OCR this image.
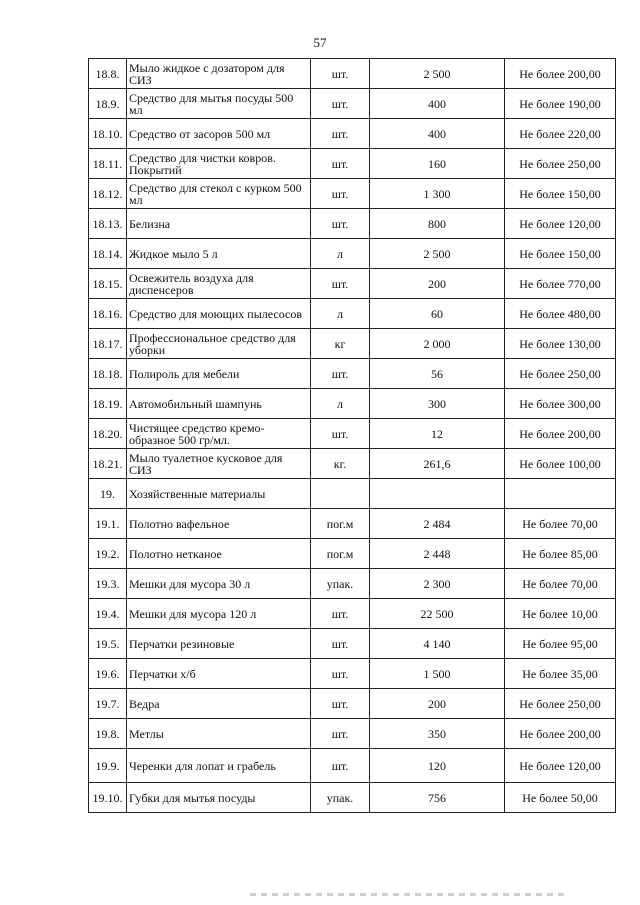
57
18.8.	Мыло жидкое с дозатором для СИЗ	шт.	2 500	Не более 200,00
18.9.	Средство для мытья посуды 500 мл	шт.	400	Не более 190,00
18.10.	Средство от засоров 500 мл	шт.	400	Не более 220,00
18.11.	Средство для чистки ковров. Покрытий	шт.	160	Не более 250,00
18.12.	Средство для стекол с курком 500 мл	шт.	1 300	Не более 150,00
18.13.	Белизна	шт.	800	Не более 120,00
18.14.	Жидкое мыло 5 л	л	2 500	Не более 150,00
18.15.	Освежитель воздуха для диспенсеров	шт.	200	Не более 770,00
18.16.	Средство для моющих пылесосов	л	60	Не более 480,00
18.17.	Профессиональное средство для уборки	кг	2 000	Не более 130,00
18.18.	Полироль для мебели	шт.	56	Не более 250,00
18.19.	Автомобильный шампунь	л	300	Не более 300,00
18.20.	Чистящее средство кремо-образное 500 гр/мл.	шт.	12	Не более 200,00
18.21.	Мыло туалетное кусковое для СИЗ	кг.	261,6	Не более 100,00
19.	Хозяйственные материалы			
19.1.	Полотно вафельное	пог.м	2 484	Не более 70,00
19.2.	Полотно нетканое	пог.м	2 448	Не более 85,00
19.3.	Мешки для мусора 30 л	упак.	2 300	Не более 70,00
19.4.	Мешки для мусора 120 л	шт.	22 500	Не более 10,00
19.5.	Перчатки резиновые	шт.	4 140	Не более 95,00
19.6.	Перчатки х/б	шт.	1 500	Не более 35,00
19.7.	Ведра	шт.	200	Не более 250,00
19.8.	Метлы	шт.	350	Не более 200,00
19.9.	Черенки для лопат и грабель	шт.	120	Не более 120,00
19.10.	Губки для мытья посуды	упак.	756	Не более 50,00
